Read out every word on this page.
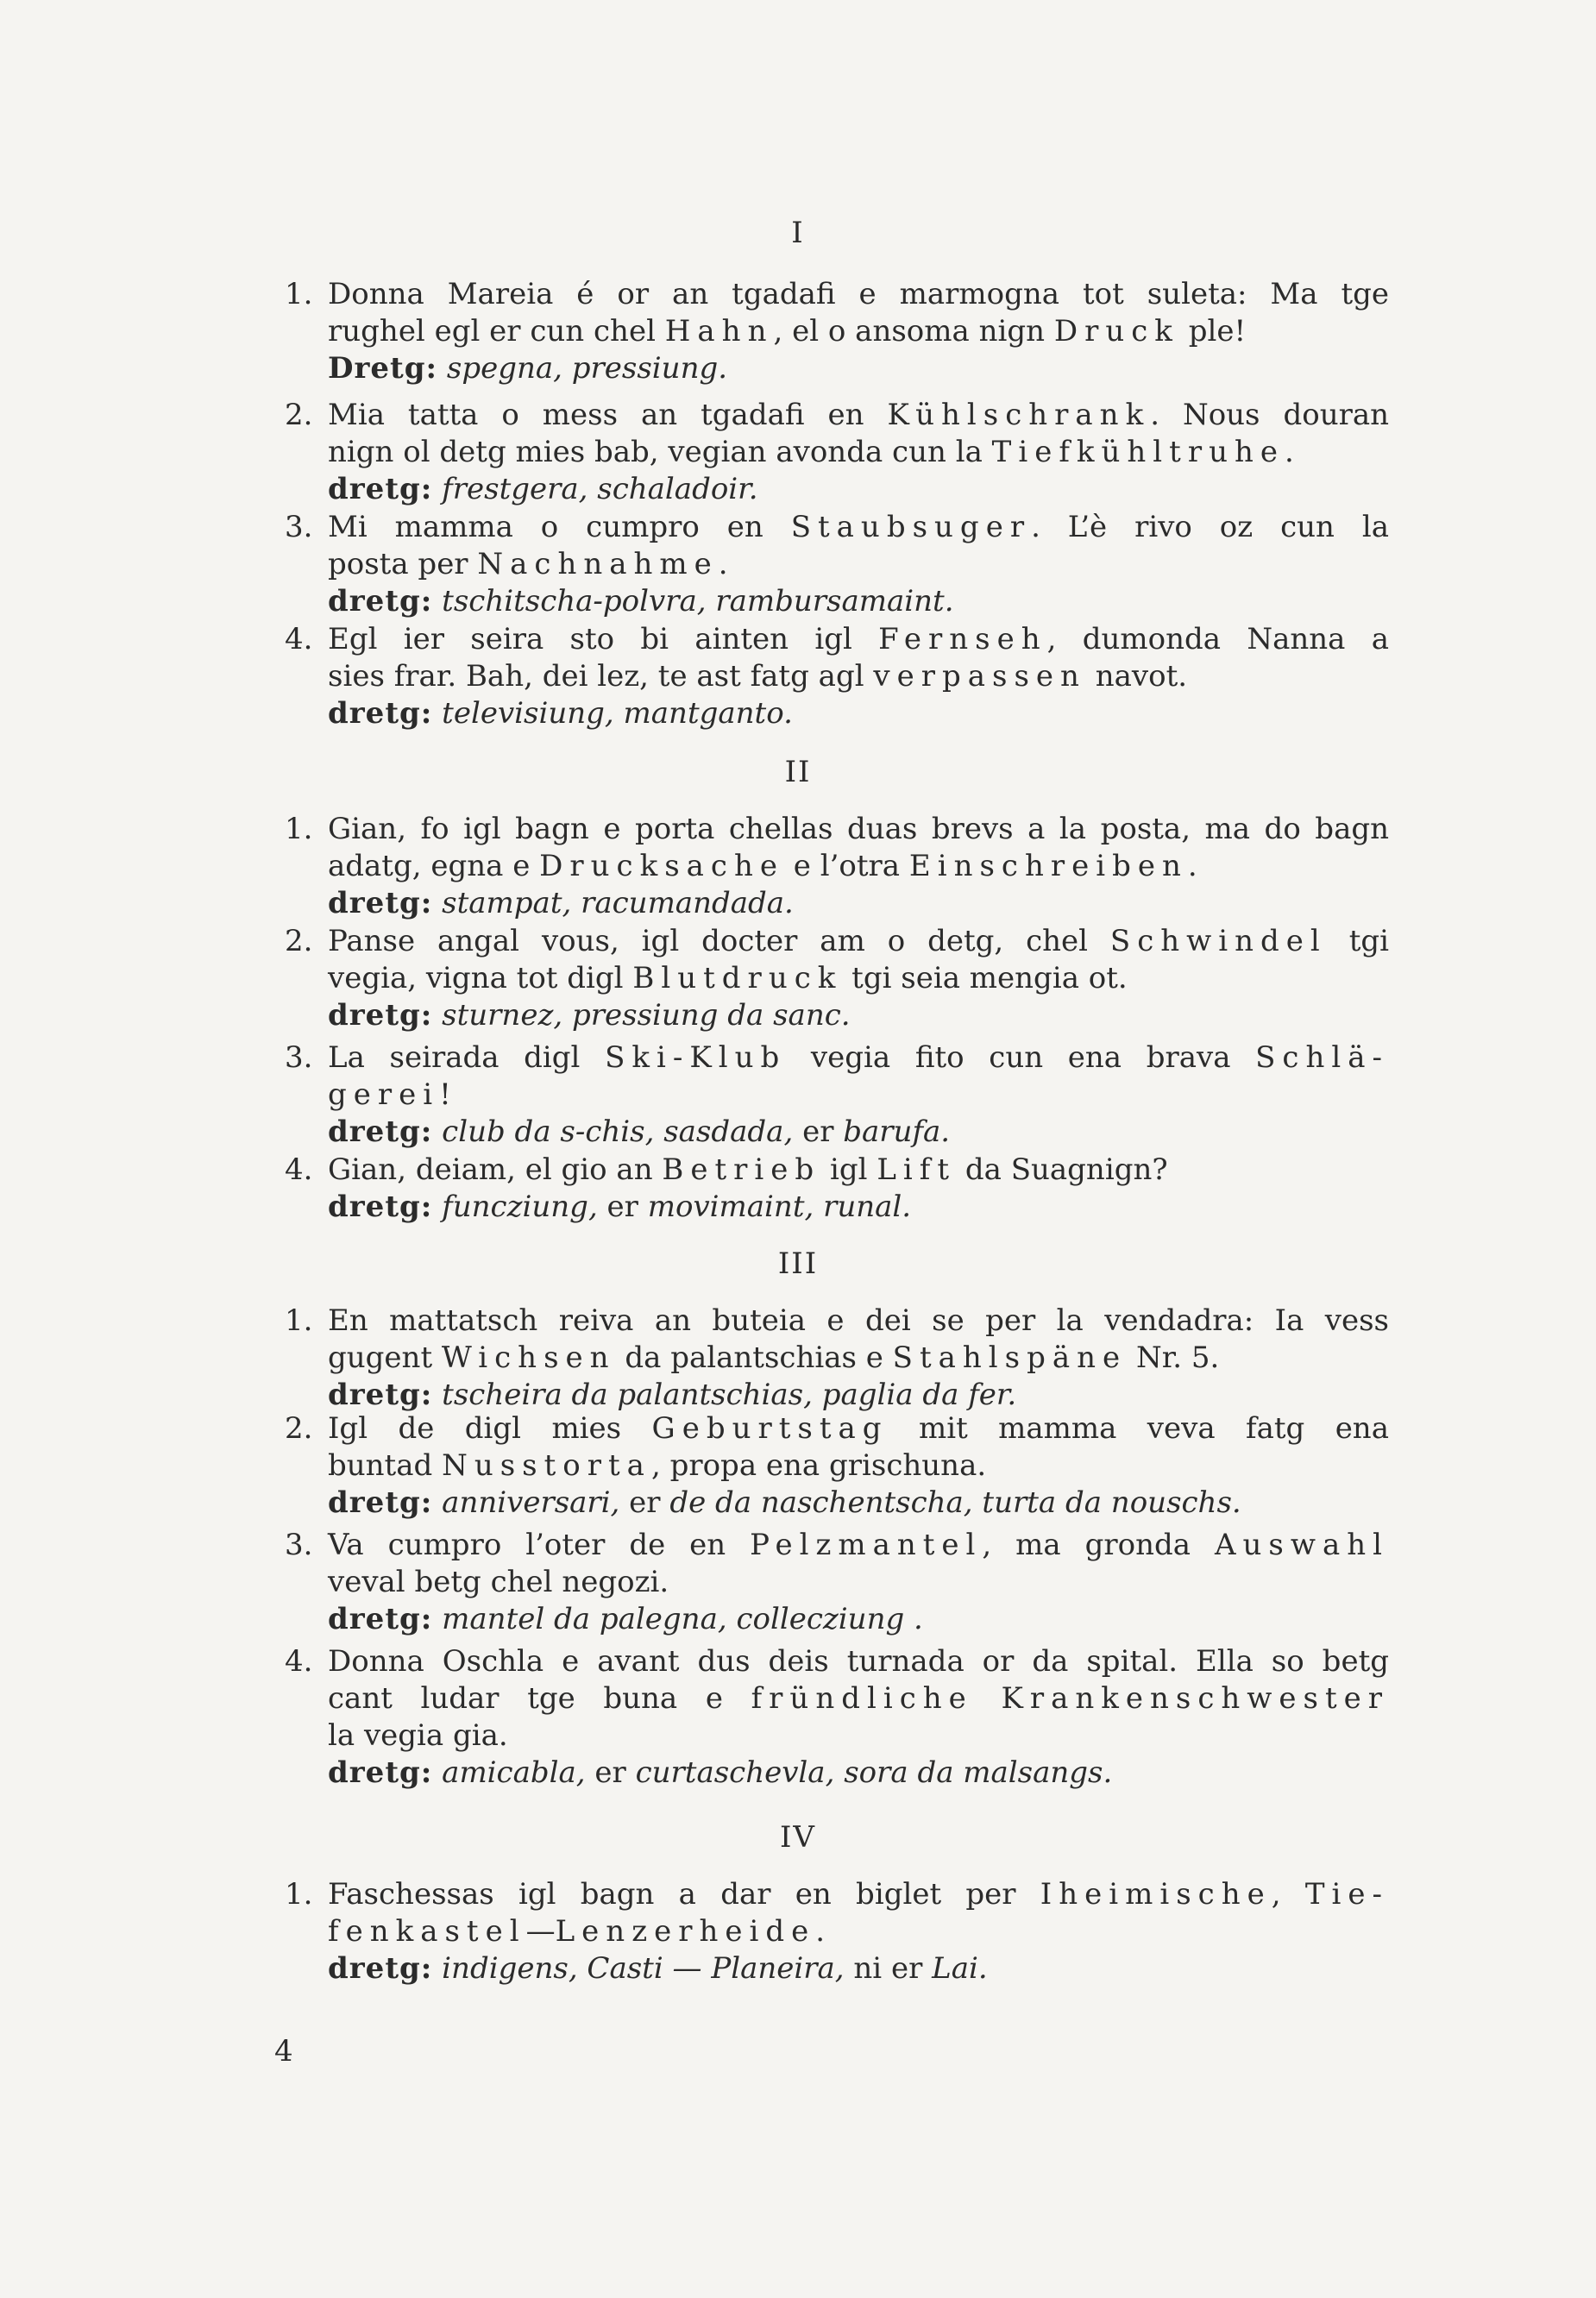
I
1. Donna Mareia é or an tgadafi e marmogna tot suleta: Ma tge
rughel egl er cun chel Hahn, el o ansoma nign Druck ple!
Dretg: spegna, pressiung.
2. Mia tatta o mess an tgadafi en Kühlschrank. Nous douran
nign ol detg mies bab, vegian avonda cun la Tiefkühltruhe.
dretg: frestgera, schaladoir.
3. Mi mamma o cumpro en Staubsuger. L’è rivo oz cun la
posta per Nachnahme.
dretg: tschitscha-polvra, rambursamaint.
4. Egl ier seira sto bi ainten igl Fernseh, dumonda Nanna a
sies frar. Bah, dei lez, te ast fatg agl verpassen navot.
dretg: televisiung, mantganto.
II
1. Gian, fo igl bagn e porta chellas duas brevs a la posta, ma do bagn
adatg, egna e Drucksache e l’otra Einschreiben.
dretg: stampat, racumandada.
2. Panse angal vous, igl docter am o detg, chel Schwindel tgi
vegia, vigna tot digl Blutdruck tgi seia mengia ot.
dretg: sturnez, pressiung da sanc.
3. La seirada digl Ski-Klub vegia fito cun ena brava Schlä-
gerei!
dretg: club da s-chis, sasdada, er barufa.
4. Gian, deiam, el gio an Betrieb igl Lift da Suagnign?
dretg: funcziung, er movimaint, runal.
III
1. En mattatsch reiva an buteia e dei se per la vendadra: Ia vess
gugent Wichsen da palantschias e Stahlspäne Nr. 5.
dretg: tscheira da palantschias, paglia da fer.
2. Igl de digl mies Geburtstag mit mamma veva fatg ena
buntad Nusstorta, propa ena grischuna.
dretg: anniversari, er de da naschentscha, turta da nouschs.
3. Va cumpro l’oter de en Pelzmantel, ma gronda Auswahl
veval betg chel negozi.
dretg: mantel da palegna, collecziung .
4. Donna Oschla e avant dus deis turnada or da spital. Ella so betg
cant ludar tge buna e fründliche Krankenschwester
la vegia gia.
dretg: amicabla, er curtaschevla, sora da malsangs.
IV
1. Faschessas igl bagn a dar en biglet per Iheimische, Tie-
fenkastel—Lenzerheide.
dretg: indigens, Casti — Planeira, ni er Lai.
4
